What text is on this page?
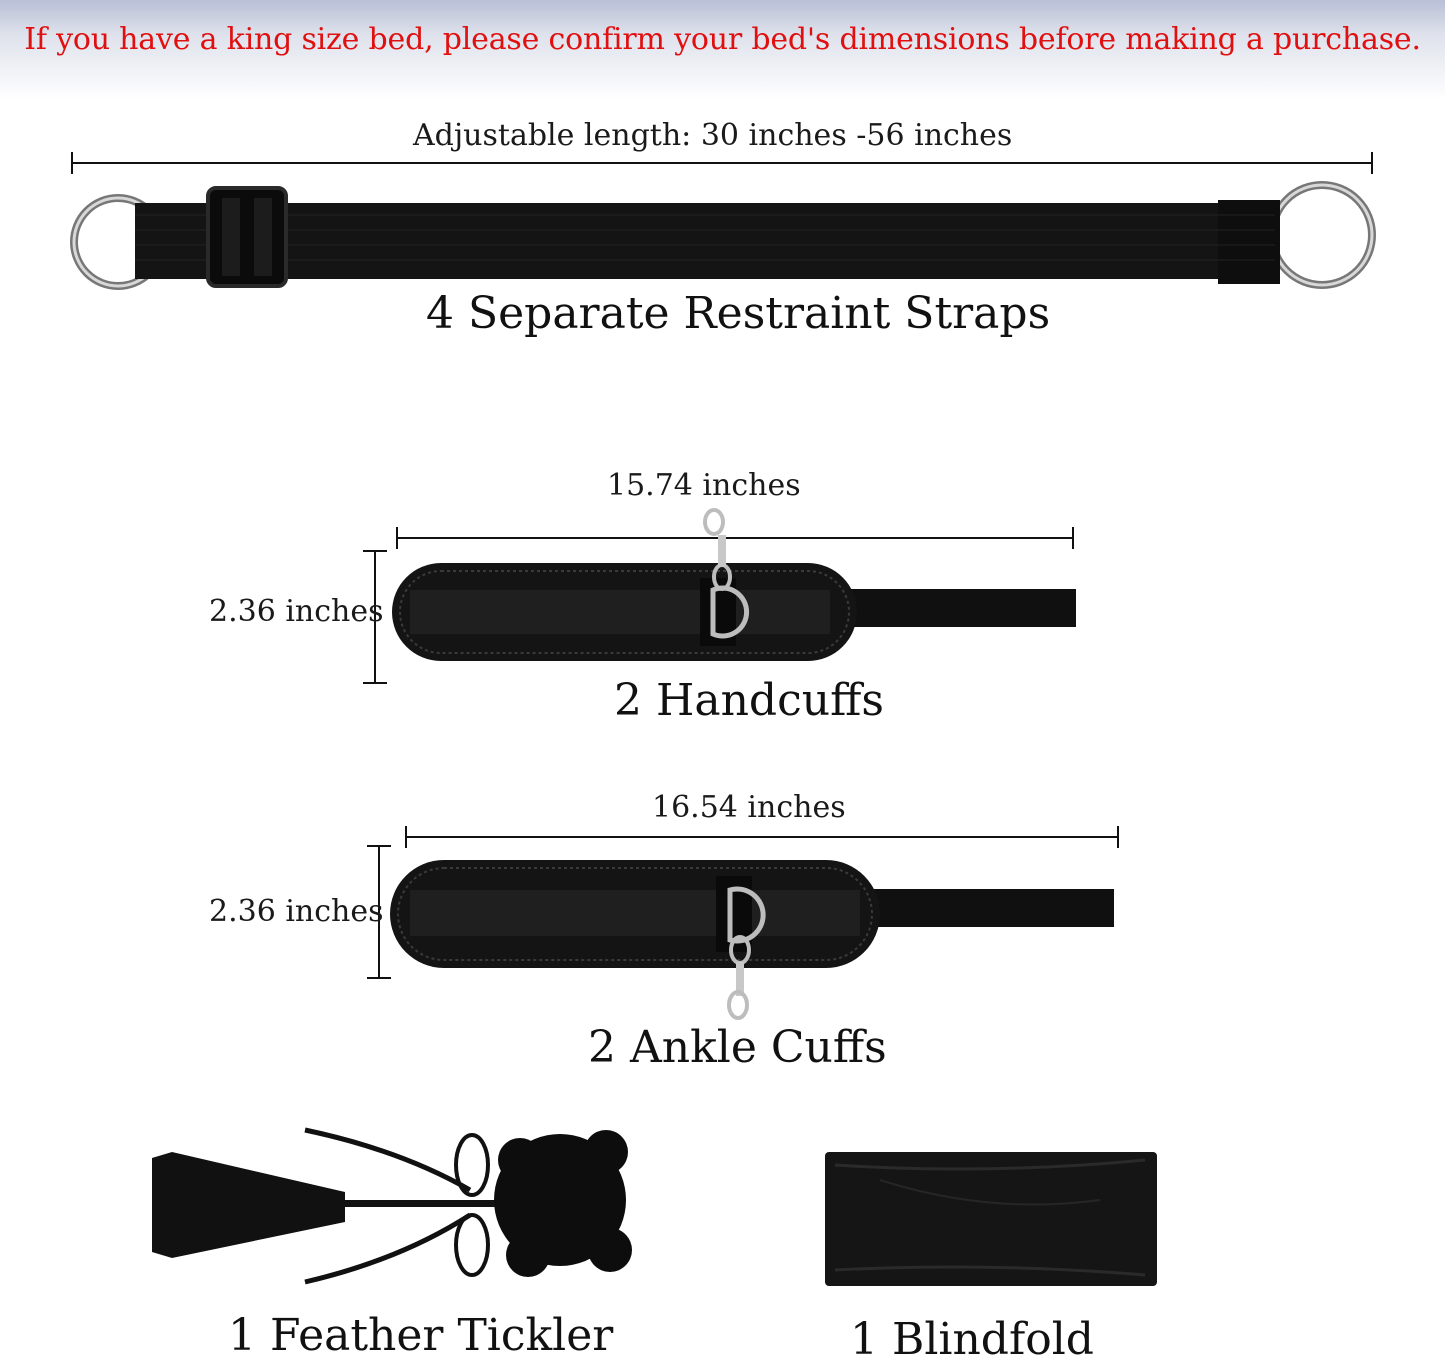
If you have a king size bed, please confirm your bed's dimensions before making a purchase.
Adjustable length: 30 inches -56 inches
4 Separate Restraint Straps
15.74 inches
2.36 inches
2 Handcuffs
16.54 inches
2.36 inches
2 Ankle Cuffs
1 Feather Tickler	1 Blindfold
